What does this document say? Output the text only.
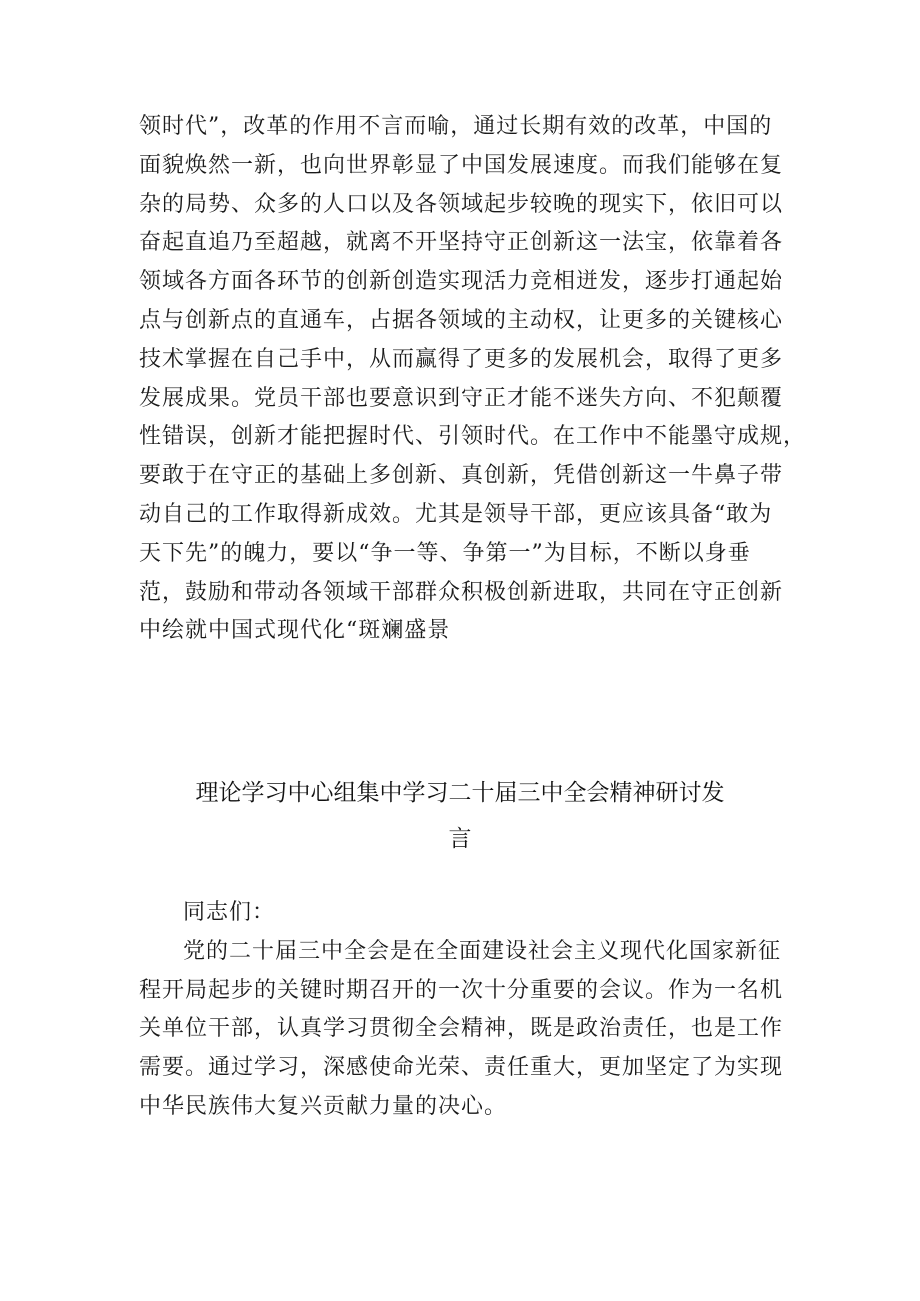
领时代”，改革的作用不言而喻，通过长期有效的改革，中国的
面貌焕然一新，也向世界彰显了中国发展速度。而我们能够在复
杂的局势、众多的人口以及各领域起步较晚的现实下，依旧可以
奋起直追乃至超越，就离不开坚持守正创新这一法宝，依靠着各
领域各方面各环节的创新创造实现活力竞相迸发，逐步打通起始
点与创新点的直通车，占据各领域的主动权，让更多的关键核心
技术掌握在自己手中，从而赢得了更多的发展机会，取得了更多
发展成果。党员干部也要意识到守正才能不迷失方向、不犯颠覆
性错误，创新才能把握时代、引领时代。在工作中不能墨守成规，
要敢于在守正的基础上多创新、真创新，凭借创新这一牛鼻子带
动自己的工作取得新成效。尤其是领导干部，更应该具备“敢为
天下先”的魄力，要以“争一等、争第一”为目标，不断以身垂
范，鼓励和带动各领域干部群众积极创新进取，共同在守正创新
中绘就中国式现代化“斑斓盛景
理论学习中心组集中学习二十届三中全会精神研讨发
言
同志们：
党的二十届三中全会是在全面建设社会主义现代化国家新征
程开局起步的关键时期召开的一次十分重要的会议。作为一名机
关单位干部，认真学习贯彻全会精神，既是政治责任，也是工作
需要。通过学习，深感使命光荣、责任重大，更加坚定了为实现
中华民族伟大复兴贡献力量的决心。
